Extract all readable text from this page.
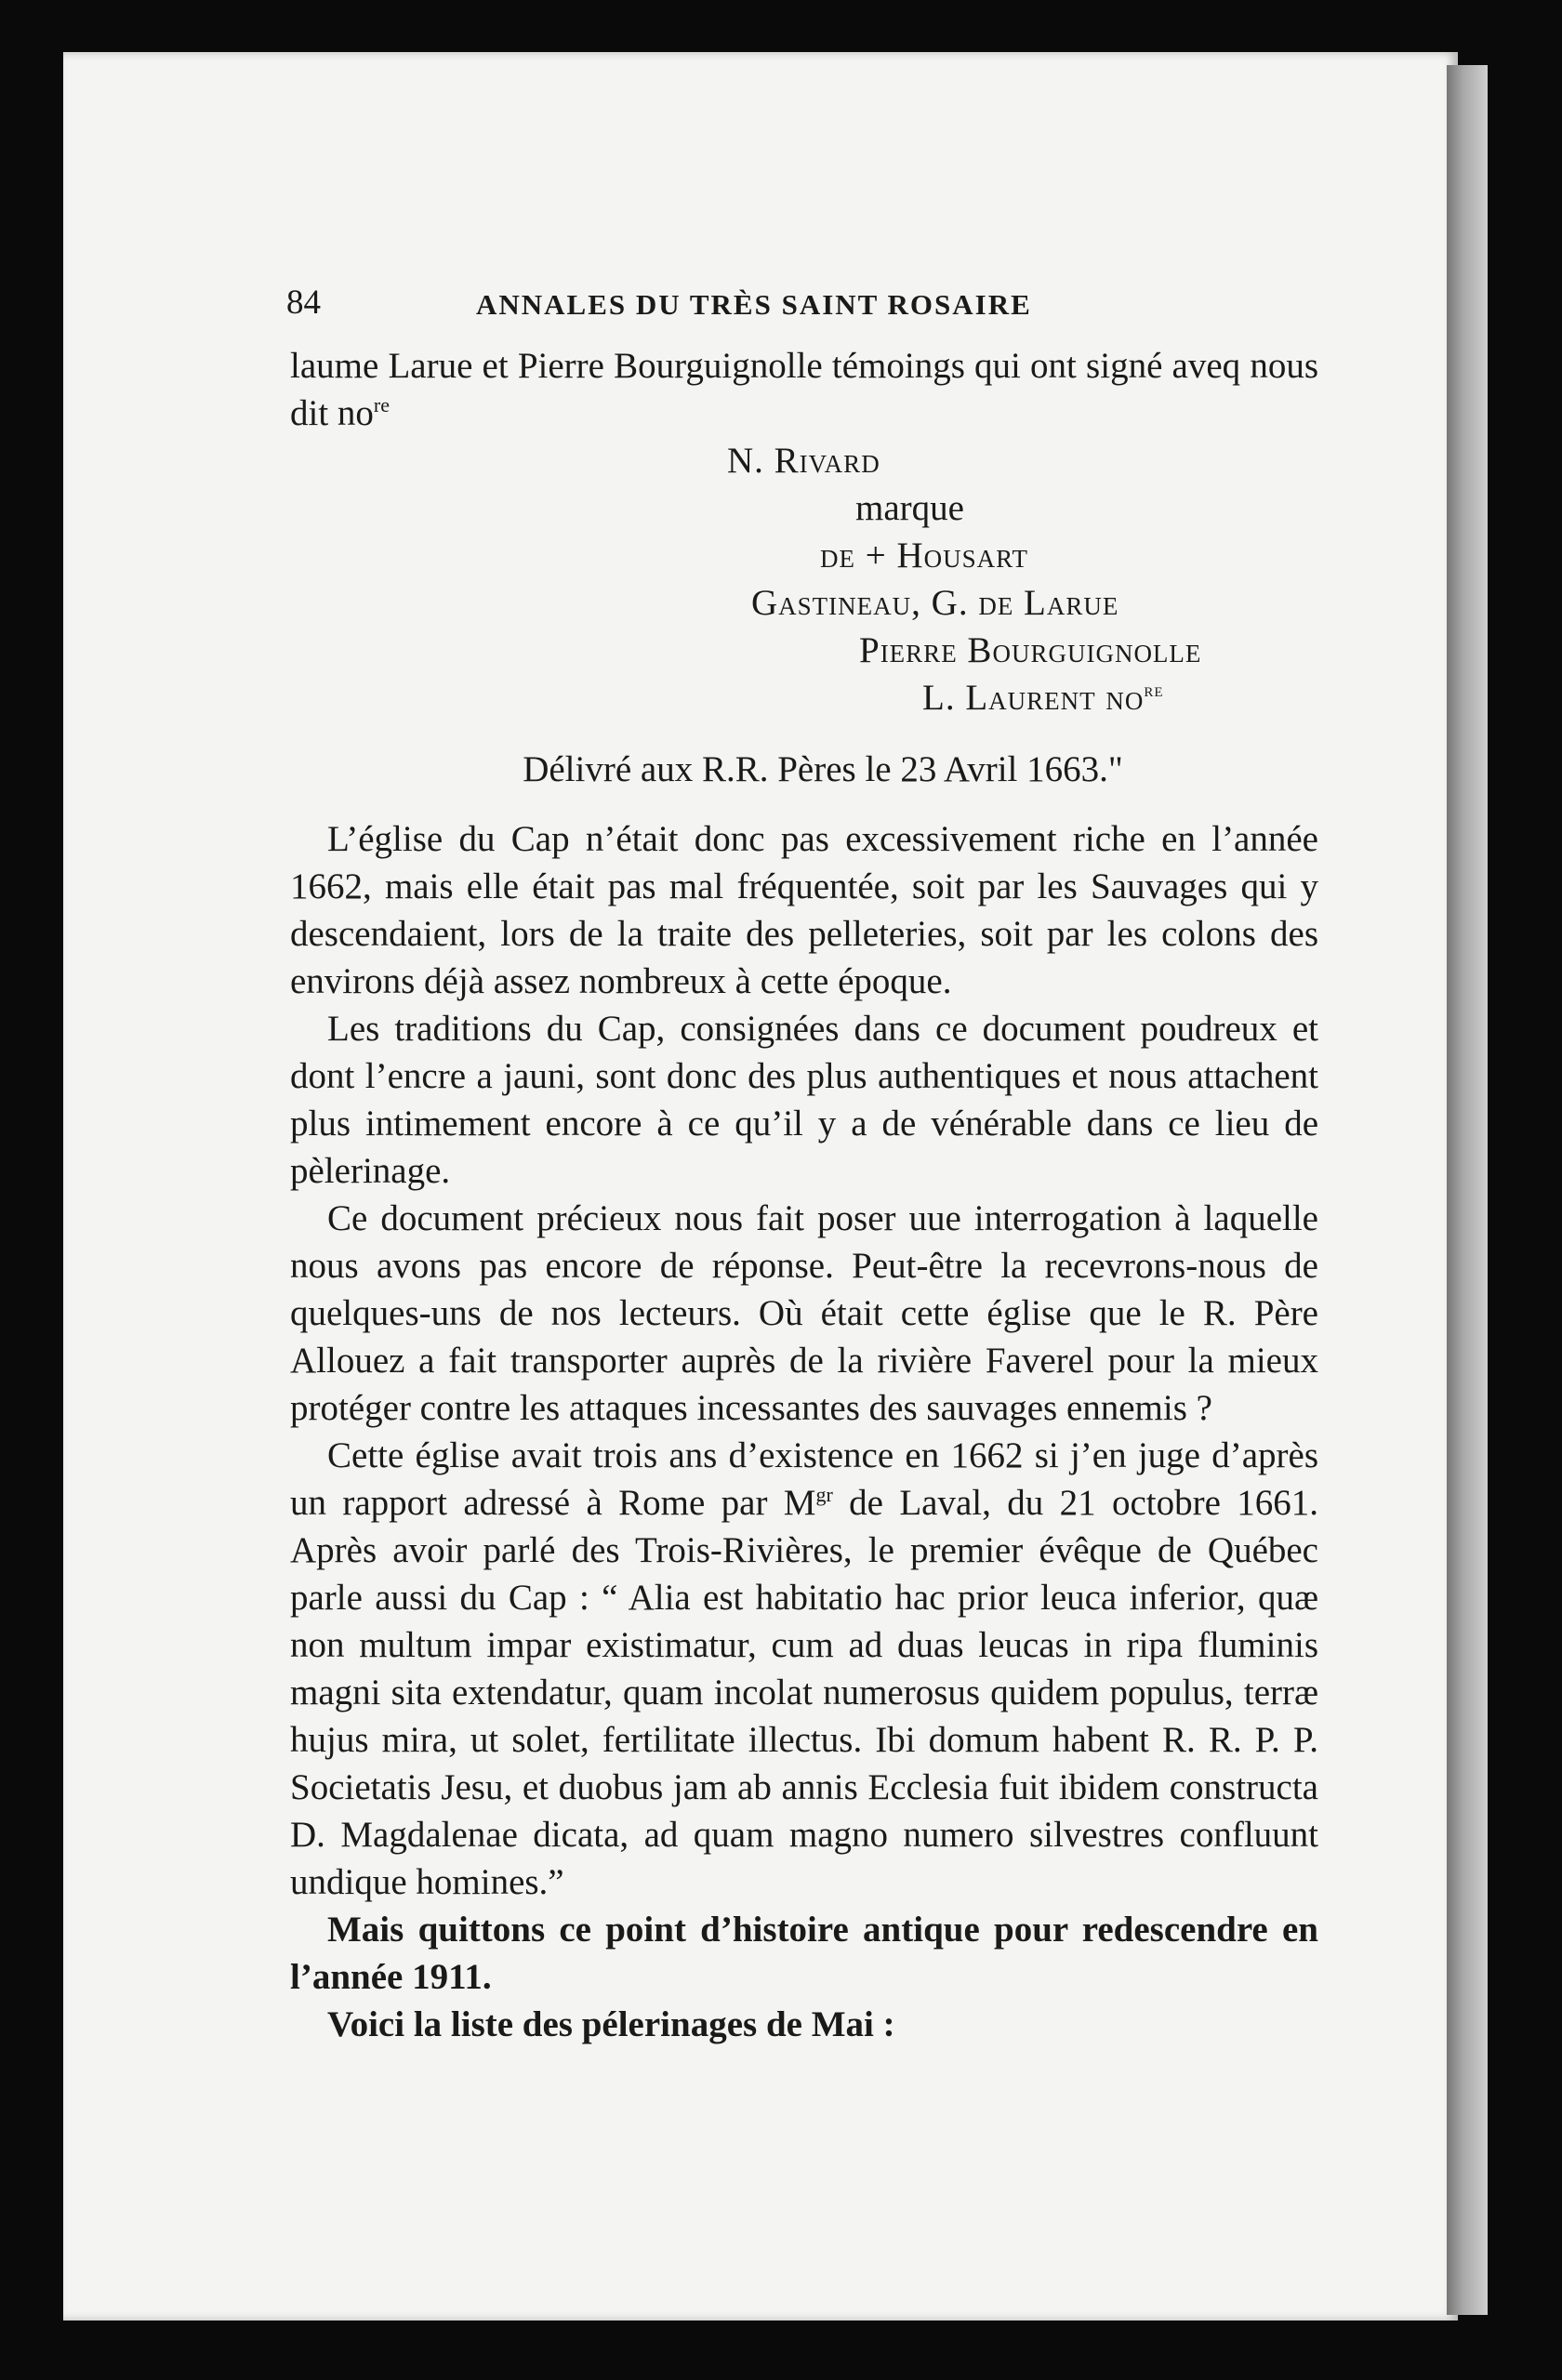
84	ANNALES DU TRÈS SAINT ROSAIRE

laume Larue et Pierre Bourguignolle témoings qui ont signé aveq nous dit $no^{re}$

N. Rivard
marque
de + Housart
Gastineau, G. de Larue
Pierre Bourguignolle
L. Laurent $no^{re}$

Délivré aux R.R. Pères le 23 Avril 1663."

L’église du Cap n’était donc pas excessivement riche en l’année 1662, mais elle était pas mal fréquentée, soit par les Sauvages qui y descendaient, lors de la traite des pelleteries, soit par les colons des environs déjà assez nombreux à cette époque.

Les traditions du Cap, consignées dans ce document poudreux et dont l’encre a jauni, sont donc des plus authentiques et nous attachent plus intimement encore à ce qu’il y a de vénérable dans ce lieu de pèlerinage.

Ce document précieux nous fait poser uue interrogation à laquelle nous avons pas encore de réponse. Peut-être la recevrons-nous de quelques-uns de nos lecteurs. Où était cette église que le R. Père Allouez a fait transporter auprès de la rivière Faverel pour la mieux protéger contre les attaques incessantes des sauvages ennemis ?

Cette église avait trois ans d’existence en 1662 si j’en juge d’après un rapport adressé à Rome par $M^{gr}$ de Laval, du 21 octobre 1661. Après avoir parlé des Trois-Rivières, le premier évêque de Québec parle aussi du Cap : “ Alia est habitatio hac prior leuca inferior, quæ non multum impar existimatur, cum ad duas leucas in ripa fluminis magni sita extendatur, quam incolat numerosus quidem populus, terræ hujus mira, ut solet, fertilitate illectus. Ibi domum habent R. R. P. P. Societatis Jesu, et duobus jam ab annis Ecclesia fuit ibidem constructa D. Magdalenae dicata, ad quam magno numero silvestres confluunt undique homines.”

Mais quittons ce point d’histoire antique pour redescendre en l’année 1911.

Voici la liste des pélerinages de Mai :
